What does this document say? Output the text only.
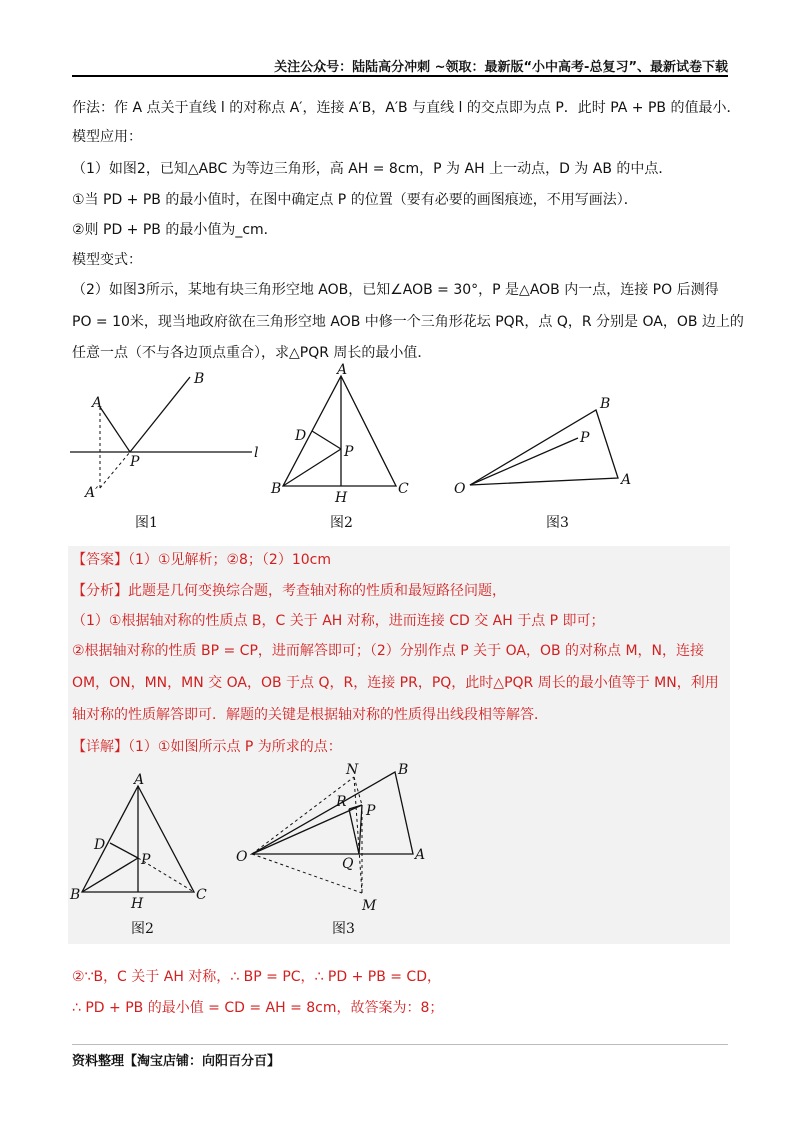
关注公众号：陆陆高分冲刺 ~领取：最新版“小中高考-总复习”、最新试卷下载
作法：作 A 点关于直线 l 的对称点 A′，连接 A′B，A′B 与直线 l 的交点即为点 P．此时 PA + PB 的值最小．
模型应用：
（1）如图2，已知△ABC 为等边三角形，高 AH = 8cm，P 为 AH 上一动点，D 为 AB 的中点．
①当 PD + PB 的最小值时，在图中确定点 P 的位置（要有必要的画图痕迹，不用写画法）．
②则 PD + PB 的最小值为_cm．
模型变式：
（2）如图3所示，某地有块三角形空地 AOB，已知∠AOB = 30°，P 是△AOB 内一点，连接 PO 后测得
PO = 10米，现当地政府欲在三角形空地 AOB 中修一个三角形花坛 PQR，点 Q，R 分别是 OA，OB 边上的
任意一点（不与各边顶点重合），求△PQR 周长的最小值．
A
B
P
l
A′
图1
A
D
P
B
H
C
图2
B
P
O
A
图3
【答案】（1）①见解析；②8；（2）10cm
【分析】此题是几何变换综合题，考查轴对称的性质和最短路径问题，
（1）①根据轴对称的性质点 B，C 关于 AH 对称，进而连接 CD 交 AH 于点 P 即可；
②根据轴对称的性质 BP = CP，进而解答即可；（2）分别作点 P 关于 OA，OB 的对称点 M，N，连接
OM，ON，MN，MN 交 OA，OB 于点 Q，R，连接 PR，PQ，此时△PQR 周长的最小值等于 MN，利用
轴对称的性质解答即可．解题的关键是根据轴对称的性质得出线段相等解答．
【详解】（1）①如图所示点 P 为所求的点：
A
D
P
B
H
C
图2
N	B
R
P
O	Q
A
M
图3
②∵B，C 关于 AH 对称，∴ BP = PC，∴ PD + PB = CD，
∴ PD + PB 的最小值 = CD = AH = 8cm，故答案为：8；
资料整理【淘宝店铺：向阳百分百】
